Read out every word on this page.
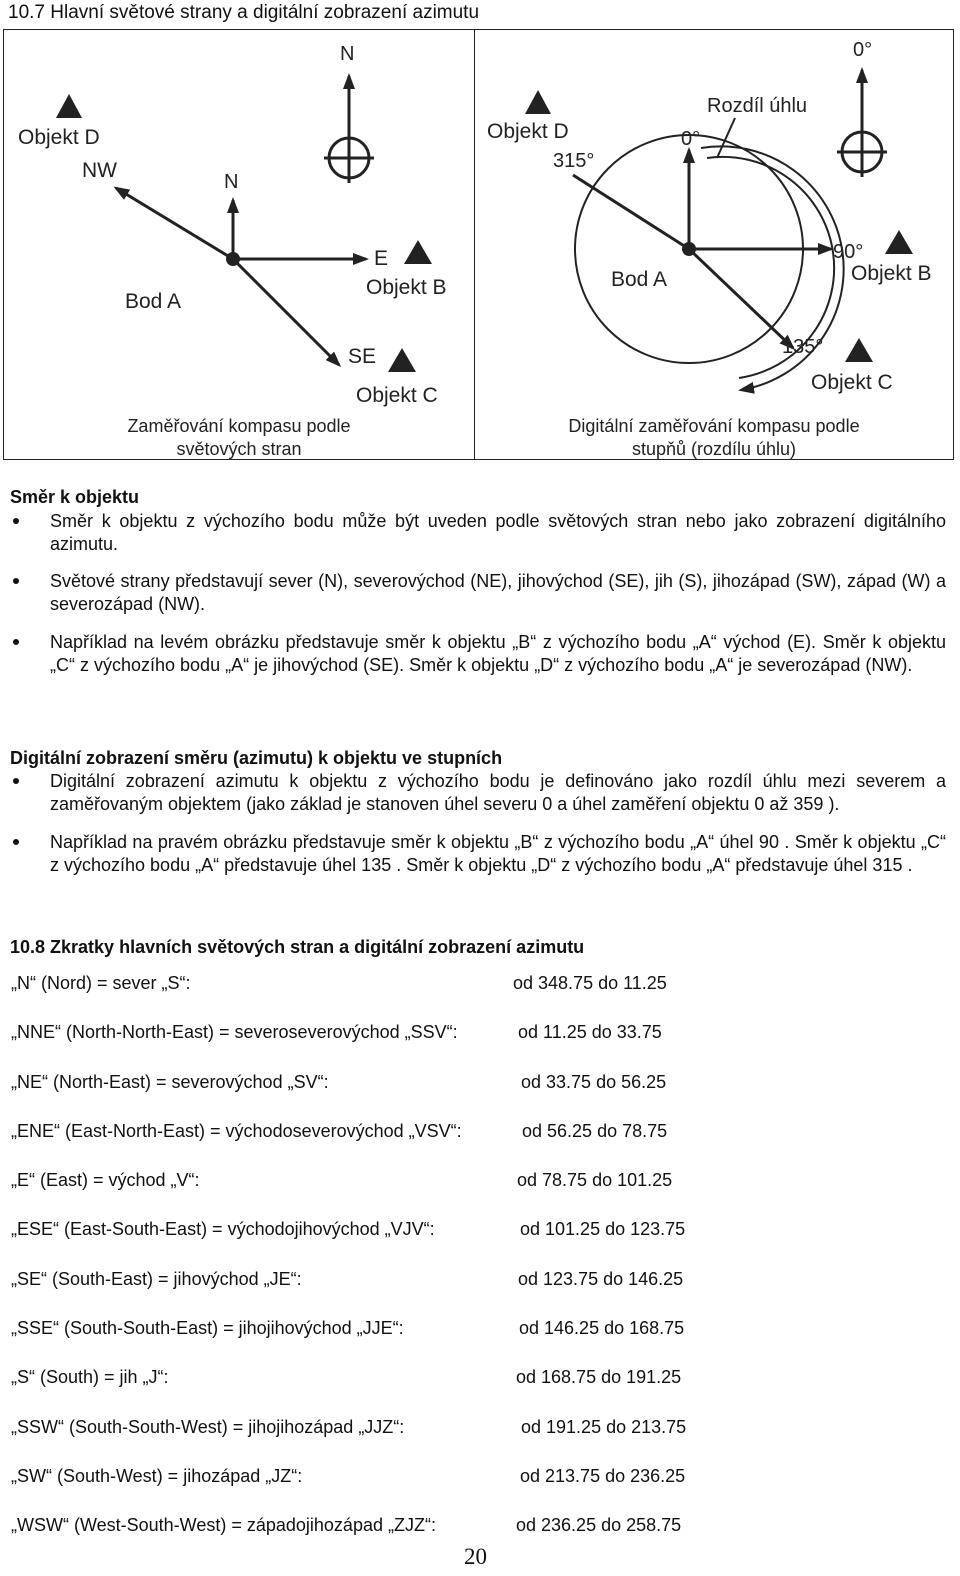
10.7 Hlavní světové strany a digitální zobrazení azimutu
N
Objekt D
NW	N
Bod A
E
Objekt B
SE
Objekt C
Zaměřování kompasu podle
světových stran
0°
Rozdíl úhlu
Objekt D	0°
315°
Bod A
90°
Objekt B
135°
Objekt C
Digitální zaměřování kompasu podle
stupňů (rozdílu úhlu)
Směr k objektu
Směr k objektu z výchozího bodu může být uveden podle světových stran nebo jako zobrazení digitálního azimutu.
Světové strany představují sever (N), severovýchod (NE), jihovýchod (SE), jih (S), jihozápad (SW), západ (W) a severozápad (NW).
Například na levém obrázku představuje směr k objektu „B“ z výchozího bodu „A“ východ (E). Směr k objektu „C“ z výchozího bodu „A“ je jihovýchod (SE). Směr k objektu „D“ z výchozího bodu „A“ je severozápad (NW).
Digitální zobrazení směru (azimutu) k objektu ve stupních
Digitální zobrazení azimutu k objektu z výchozího bodu je definováno jako rozdíl úhlu mezi severem a zaměřovaným objektem (jako základ je stanoven úhel severu 0 a úhel zaměření objektu 0 až 359 ).
Například na pravém obrázku představuje směr k objektu „B“ z výchozího bodu „A“ úhel 90 . Směr k objektu „C“ z výchozího bodu „A“ představuje úhel 135 . Směr k objektu „D“ z výchozího bodu „A“ představuje úhel 315 .
10.8 Zkratky hlavních světových stran a digitální zobrazení azimutu
„N“ (Nord) = sever „S“:	od 348.75 do 11.25
„NNE“ (North-North-East) = severoseverovýchod „SSV“:	od 11.25 do 33.75
„NE“ (North-East) = severovýchod „SV“:	od 33.75 do 56.25
„ENE“ (East-North-East) = východoseverovýchod „VSV“:	od 56.25 do 78.75
„E“ (East) = východ „V“:	od 78.75 do 101.25
„ESE“ (East-South-East) = východojihovýchod „VJV“:	od 101.25 do 123.75
„SE“ (South-East) = jihovýchod „JE“:	od 123.75 do 146.25
„SSE“ (South-South-East) = jihojihovýchod „JJE“:	od 146.25 do 168.75
„S“ (South) = jih „J“:	od 168.75 do 191.25
„SSW“ (South-South-West) = jihojihozápad „JJZ“:	od 191.25 do 213.75
„SW“ (South-West) = jihozápad „JZ“:	od 213.75 do 236.25
„WSW“ (West-South-West) = západojihozápad „ZJZ“:	od 236.25 do 258.75
20
